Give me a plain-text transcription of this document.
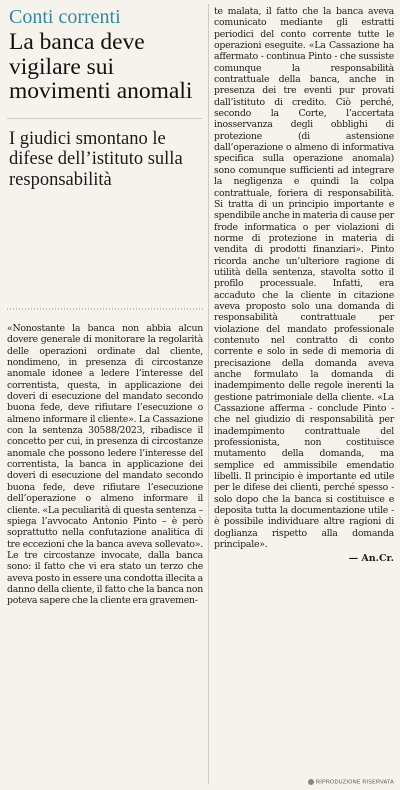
Conti correnti
La banca deve vigilare sui movimenti anomali
I giudici smontano le difese dell’istituto sulla responsabilità

«Nonostante la banca non abbia alcun dovere generale di monitorare la regolarità delle operazioni ordinate dal cliente, nondimeno, in presenza di circostanze anomale idonee a ledere l’interesse del correntista, questa, in applicazione dei doveri di esecuzione del mandato secondo buona fede, deve rifiutare l’esecuzione o almeno informare il cliente». La Cassazione con la sentenza 30588/2023, ribadisce il concetto per cui, in presenza di circostanze anomale che possono ledere l’interesse del correntista, la banca in applicazione dei doveri di esecuzione del mandato secondo buona fede, deve rifiutare l’esecuzione dell’operazione o almeno informare il cliente. «La peculiarità di questa sentenza – spiega l’avvocato Antonio Pinto – è però soprattutto nella confutazione analitica di tre eccezioni che la banca aveva sollevato». Le tre circostanze invocate, dalla banca sono: il fatto che vi era stato un terzo che aveva posto in essere una condotta illecita a danno della cliente, il fatto che la banca non poteva sapere che la cliente era gravemen-

te malata, il fatto che la banca aveva comunicato mediante gli estratti periodici del conto corrente tutte le operazioni eseguite. «La Cassazione ha affermato - continua Pinto - che sussiste comunque la responsabilità contrattuale della banca, anche in presenza dei tre eventi pur provati dall’istituto di credito. Ciò perché, secondo la Corte, l’accertata inosservanza degli obblighi di protezione (di astensione dall’operazione o almeno di informativa specifica sulla operazione anomala) sono comunque sufficienti ad integrare la negligenza e quindi la colpa contrattuale, foriera di responsabilità. Si tratta di un principio importante e spendibile anche in materia di cause per frode informatica o per violazioni di norme di protezione in materia di vendita di prodotti finanziari». Pinto ricorda anche un’ulteriore ragione di utilità della sentenza, stavolta sotto il profilo processuale. Infatti, era accaduto che la cliente in citazione aveva proposto solo una domanda di responsabilità contrattuale per violazione del mandato professionale contenuto nel contratto di conto corrente e solo in sede di memoria di precisazione della domanda aveva anche formulato la domanda di inadempimento delle regole inerenti la gestione patrimoniale della cliente. «La Cassazione afferma - conclude Pinto - che nel giudizio di responsabilità per inadempimento contrattuale del professionista, non costituisce mutamento della domanda, ma semplice ed ammissibile emendatio libelli. Il principio è importante ed utile per le difese dei clienti, perché spesso - solo dopo che la banca si costituisce e deposita tutta la documentazione utile - è possibile individuare altre ragioni di doglianza rispetto alla domanda principale».

— An.Cr.
RIPRODUZIONE RISERVATA
